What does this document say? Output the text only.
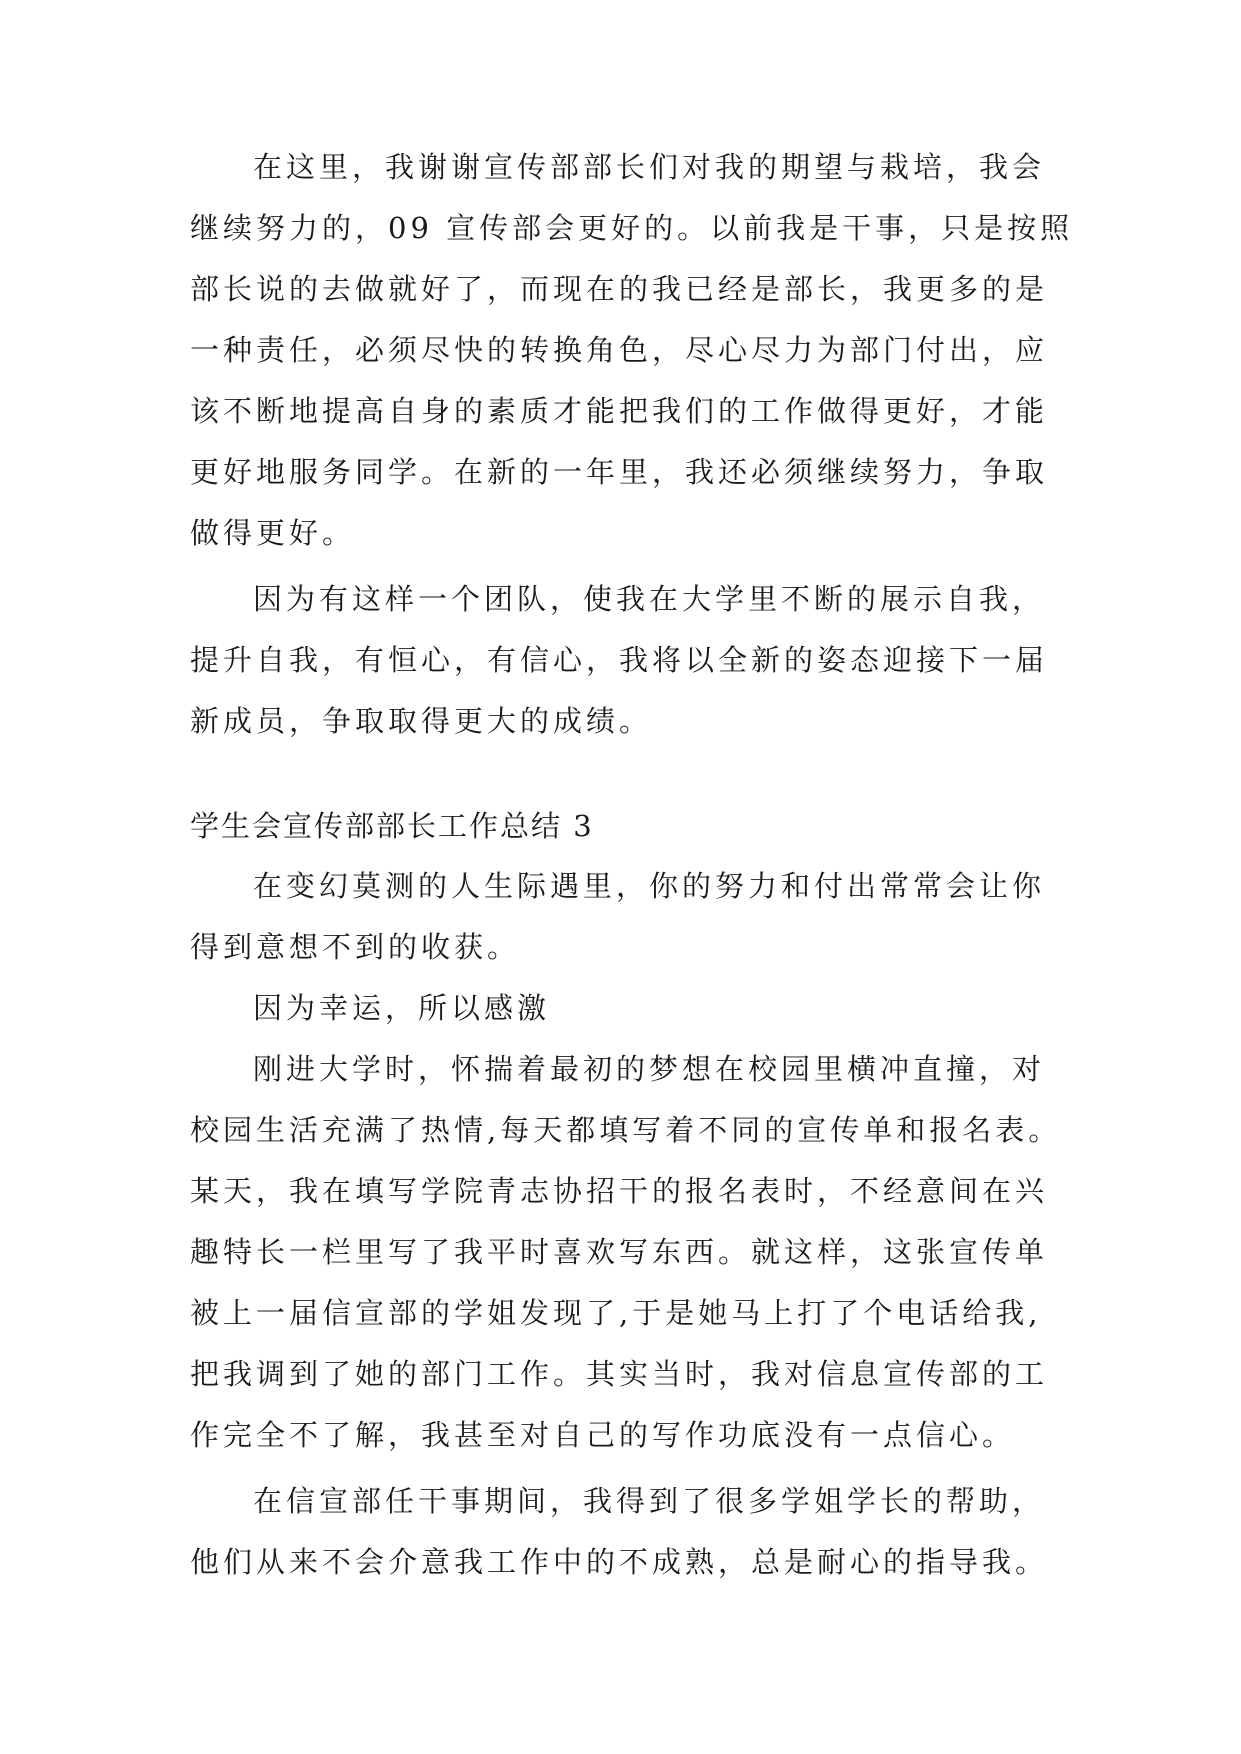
在这里，我谢谢宣传部部长们对我的期望与栽培，我会

继续努力的，09 宣传部会更好的。以前我是干事，只是按照

部长说的去做就好了，而现在的我已经是部长，我更多的是

一种责任，必须尽快的转换角色，尽心尽力为部门付出，应

该不断地提高自身的素质才能把我们的工作做得更好，才能

更好地服务同学。在新的一年里，我还必须继续努力，争取

做得更好。

因为有这样一个团队，使我在大学里不断的展示自我，

提升自我，有恒心，有信心，我将以全新的姿态迎接下一届

新成员，争取取得更大的成绩。

学生会宣传部部长工作总结 3

在变幻莫测的人生际遇里，你的努力和付出常常会让你

得到意想不到的收获。

因为幸运，所以感激

刚进大学时，怀揣着最初的梦想在校园里横冲直撞，对

校园生活充满了热情,每天都填写着不同的宣传单和报名表。

某天，我在填写学院青志协招干的报名表时，不经意间在兴

趣特长一栏里写了我平时喜欢写东西。就这样，这张宣传单

被上一届信宣部的学姐发现了,于是她马上打了个电话给我,

把我调到了她的部门工作。其实当时，我对信息宣传部的工

作完全不了解，我甚至对自己的写作功底没有一点信心。

在信宣部任干事期间，我得到了很多学姐学长的帮助，

他们从来不会介意我工作中的不成熟，总是耐心的指导我。
